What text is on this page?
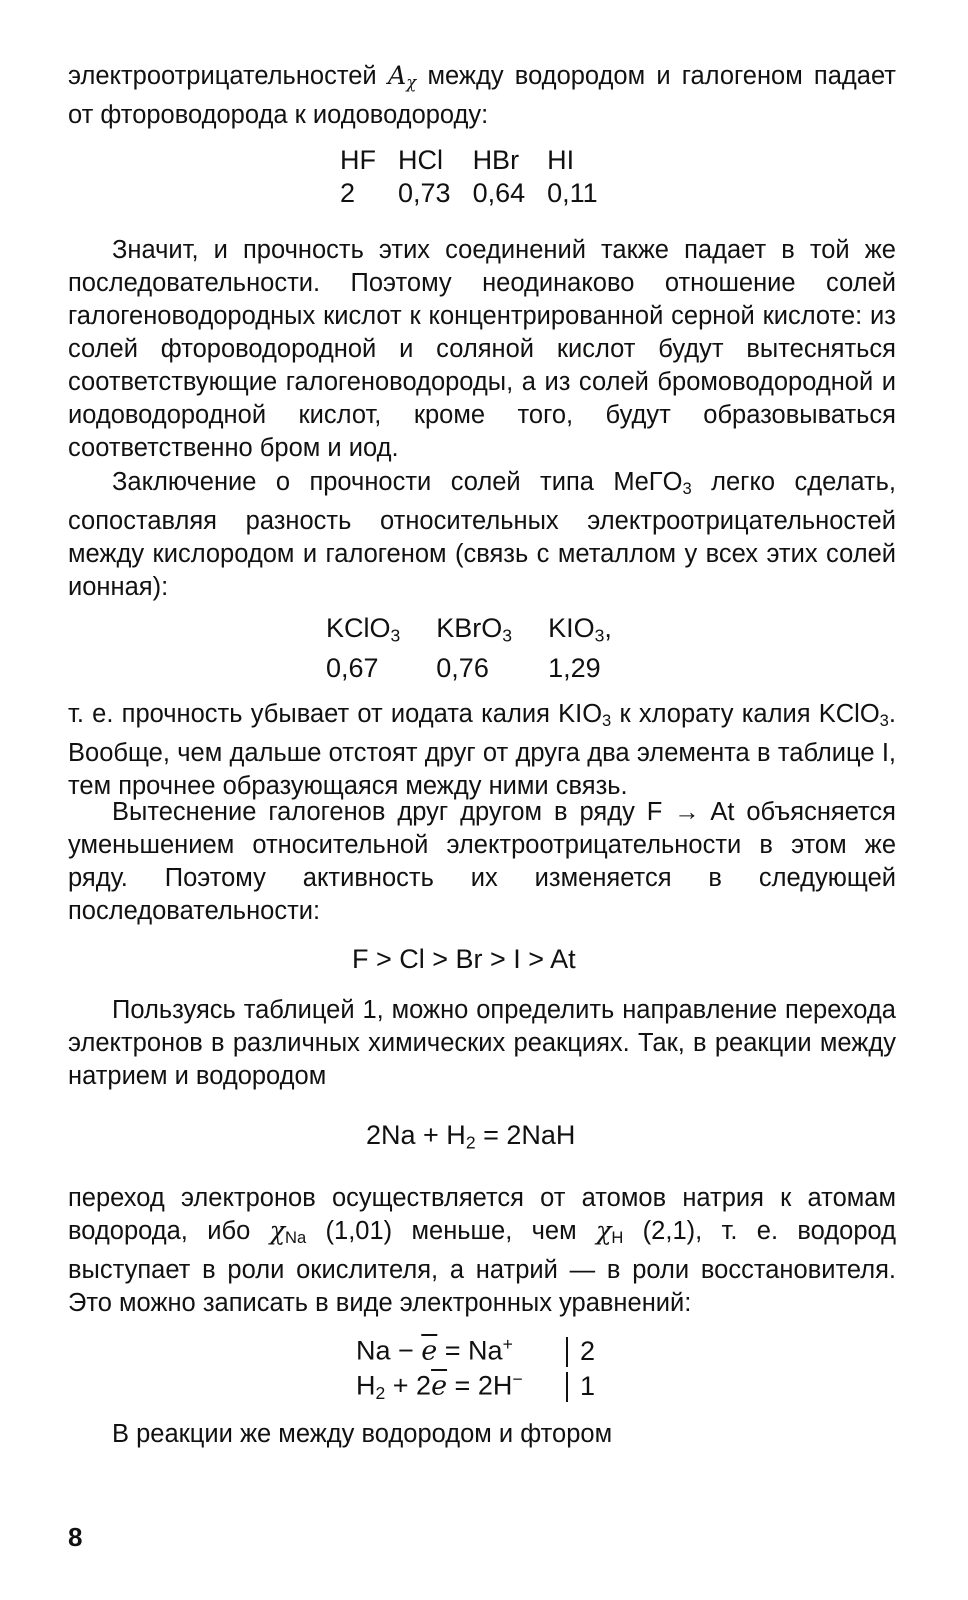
электроотрицательностей $A_\chi$ между водородом и галогеном падает от фтороводорода к иодоводороду:

HF	HCl	HBr	HI
2	0,73	0,64	0,11

Значит, и прочность этих соединений также падает в той же последовательности. Поэтому неодинаково отношение солей галогеноводородных кислот к концентрированной серной кислоте: из солей фтороводородной и соляной кислот будут вытесняться соответствующие галогеноводороды, а из солей бромоводородной и иодоводородной кислот, кроме того, будут образовываться соответственно бром и иод.

Заключение о прочности солей типа MeГO$_3$ легко сделать, сопоставляя разность относительных электроотрицательностей между кислородом и галогеном (связь с металлом у всех этих солей ионная):

KClO$_3$	KBrO$_3$	$KIO_3$,
0,67	0,76	1,29

т. е. прочность убывает от иодата калия $KIO_3$ к хлорату калия KClO$_3$. Вообще, чем дальше отстоят друг от друга два элемента в таблице I, тем прочнее образующаяся между ними связь.

Вытеснение галогенов друг другом в ряду F → At объясняется уменьшением относительной электроотрицательности в этом же ряду. Поэтому активность их изменяется в следующей последовательности:

F > Cl > Br > I > At

Пользуясь таблицей 1, можно определить направление перехода электронов в различных химических реакциях. Так, в реакции между натрием и водородом

$2Na + H_2 = 2NaH$

переход электронов осуществляется от атомов натрия к атомам водорода, ибо $\chi_{Na}$ (1,01) меньше, чем $\chi_H$ (2,1), т. е. водород выступает в роли окислителя, а натрий — в роли восстановителя. Это можно записать в виде электронных уравнений:

$Na - \overline{e} = Na^+$	2
$H_2 + 2\overline{e} = 2H^-$	1

В реакции же между водородом и фтором

8
